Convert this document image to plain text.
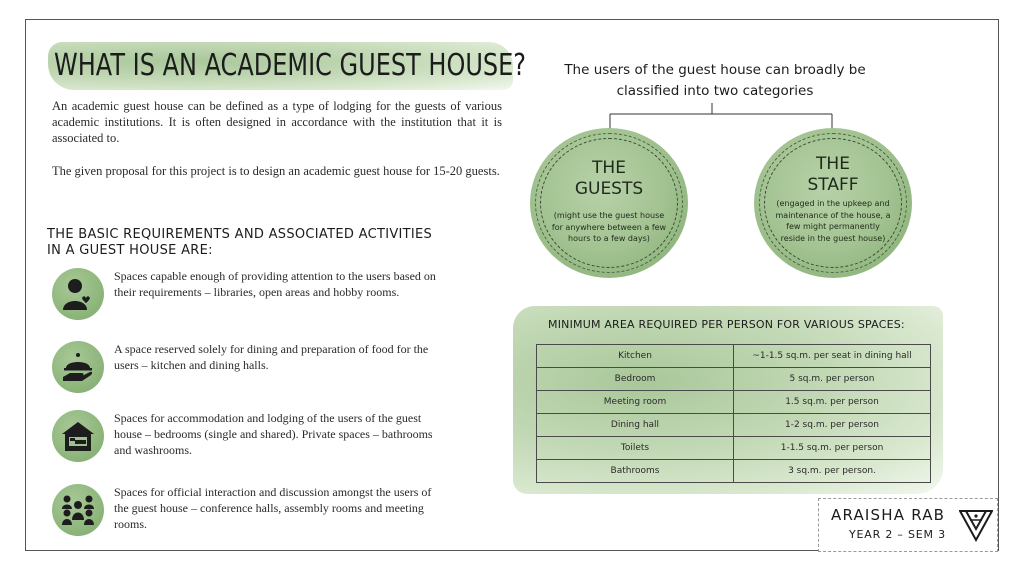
WHAT IS AN ACADEMIC GUEST HOUSE?

An academic guest house can be defined as a type of lodging for the guests of various academic institutions. It is often designed in accordance with the institution that it is associated to.

The given proposal for this project is to design an academic guest house for 15-20 guests.

THE BASIC REQUIREMENTS AND ASSOCIATED ACTIVITIES
IN A GUEST HOUSE ARE:

Spaces capable enough of providing attention to the users based on their requirements – libraries, open areas and hobby rooms.

A space reserved solely for dining and preparation of food for the users – kitchen and dining halls.

Spaces for accommodation and lodging of the users of the guest house – bedrooms (single and shared). Private spaces – bathrooms and washrooms.

Spaces for official interaction and discussion amongst the users of the guest house – conference halls, assembly rooms and meeting rooms.

The users of the guest house can broadly be classified into two categories

THE
GUESTS

(might use the guest house for anywhere between a few hours to a few days)

THE
STAFF

(engaged in the upkeep and maintenance of the house, a few might permanently reside in the guest house)

MINIMUM AREA REQUIRED PER PERSON FOR VARIOUS SPACES:

Kitchen	~1-1.5 sq.m. per seat in dining hall
Bedroom	5 sq.m. per person
Meeting room	1.5 sq.m. per person
Dining hall	1-2 sq.m. per person
Toilets	1-1.5 sq.m. per person
Bathrooms	3 sq.m. per person.

ARAISHA RAB

YEAR 2 – SEM 3
